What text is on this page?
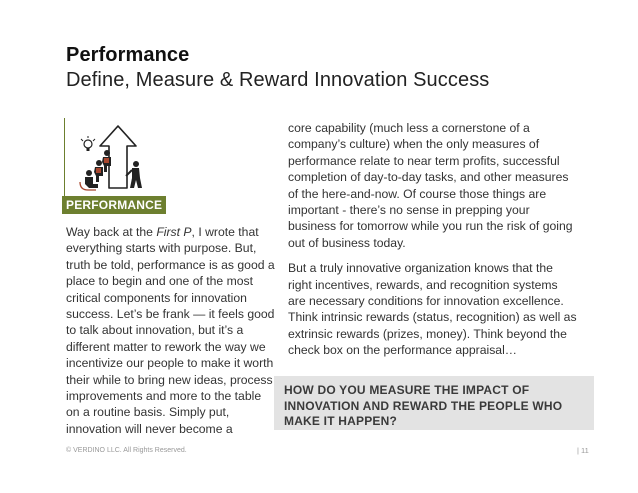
Performance
Define, Measure & Reward Innovation Success
PERFORMANCE

Way back at the First P, I wrote that everything starts with purpose. But, truth be told, performance is as good a place to begin and one of the most critical components for innovation success. Let’s be frank — it feels good to talk about innovation, but it’s a different matter to rework the way we incentivize our people to make it worth their while to bring new ideas, process improvements and more to the table on a routine basis. Simply put, innovation will never become a

core capability (much less a cornerstone of a company’s culture) when the only measures of performance relate to near term profits, successful completion of day-to-day tasks, and other measures of the here-and-now. Of course those things are important - there’s no sense in prepping your business for tomorrow while you run the risk of going out of business today.

But a truly innovative organization knows that the right incentives, rewards, and recognition systems are necessary conditions for innovation excellence. Think intrinsic rewards (status, recognition) as well as extrinsic rewards (prizes, money). Think beyond the check box on the performance appraisal…

HOW DO YOU MEASURE THE IMPACT OF INNOVATION AND REWARD THE PEOPLE WHO MAKE IT HAPPEN?
© VERDINO LLC. All Rights Reserved.	| 11
